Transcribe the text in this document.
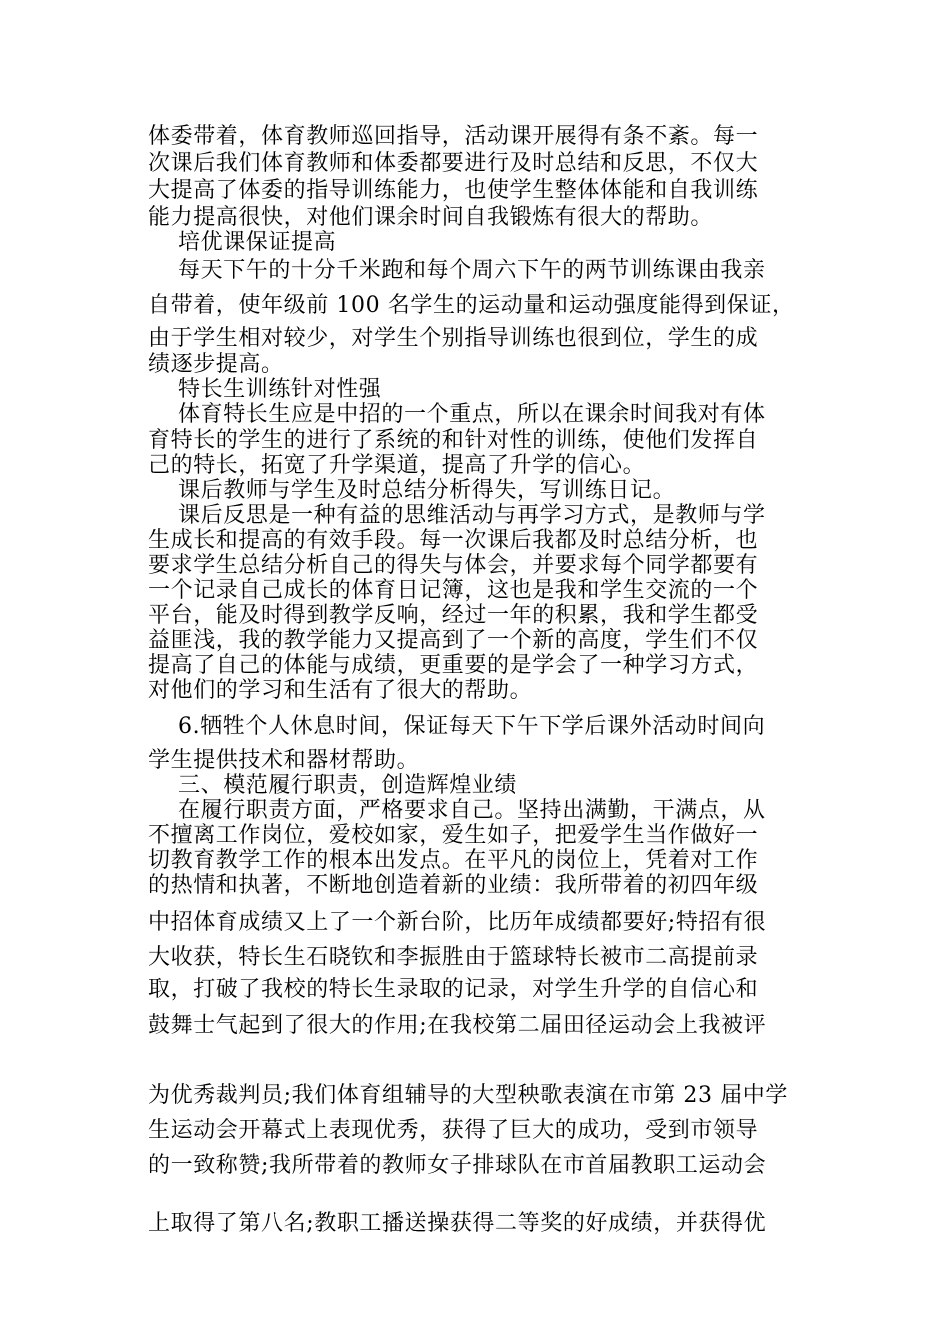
体委带着，体育教师巡回指导，活动课开展得有条不紊。每一
次课后我们体育教师和体委都要进行及时总结和反思，不仅大
大提高了体委的指导训练能力，也使学生整体体能和自我训练
能力提高很快，对他们课余时间自我锻炼有很大的帮助。
培优课保证提高
每天下午的十分千米跑和每个周六下午的两节训练课由我亲
自带着，使年级前 100 名学生的运动量和运动强度能得到保证，
由于学生相对较少，对学生个别指导训练也很到位，学生的成
绩逐步提高。
特长生训练针对性强
体育特长生应是中招的一个重点，所以在课余时间我对有体
育特长的学生的进行了系统的和针对性的训练，使他们发挥自
己的特长，拓宽了升学渠道，提高了升学的信心。
课后教师与学生及时总结分析得失，写训练日记。
课后反思是一种有益的思维活动与再学习方式，是教师与学
生成长和提高的有效手段。每一次课后我都及时总结分析，也
要求学生总结分析自己的得失与体会，并要求每个同学都要有
一个记录自己成长的体育日记簿，这也是我和学生交流的一个
平台，能及时得到教学反响，经过一年的积累，我和学生都受
益匪浅，我的教学能力又提高到了一个新的高度，学生们不仅
提高了自己的体能与成绩，更重要的是学会了一种学习方式，
对他们的学习和生活有了很大的帮助。
6.牺牲个人休息时间，保证每天下午下学后课外活动时间向
学生提供技术和器材帮助。
三、模范履行职责，创造辉煌业绩
在履行职责方面，严格要求自己。坚持出满勤，干满点，从
不擅离工作岗位，爱校如家，爱生如子，把爱学生当作做好一
切教育教学工作的根本出发点。在平凡的岗位上，凭着对工作
的热情和执著，不断地创造着新的业绩：我所带着的初四年级
中招体育成绩又上了一个新台阶，比历年成绩都要好;特招有很
大收获，特长生石晓钦和李振胜由于篮球特长被市二高提前录
取，打破了我校的特长生录取的记录，对学生升学的自信心和
鼓舞士气起到了很大的作用;在我校第二届田径运动会上我被评
为优秀裁判员;我们体育组辅导的大型秧歌表演在市第 23 届中学
生运动会开幕式上表现优秀，获得了巨大的成功，受到市领导
的一致称赞;我所带着的教师女子排球队在市首届教职工运动会
上取得了第八名;教职工播送操获得二等奖的好成绩，并获得优
